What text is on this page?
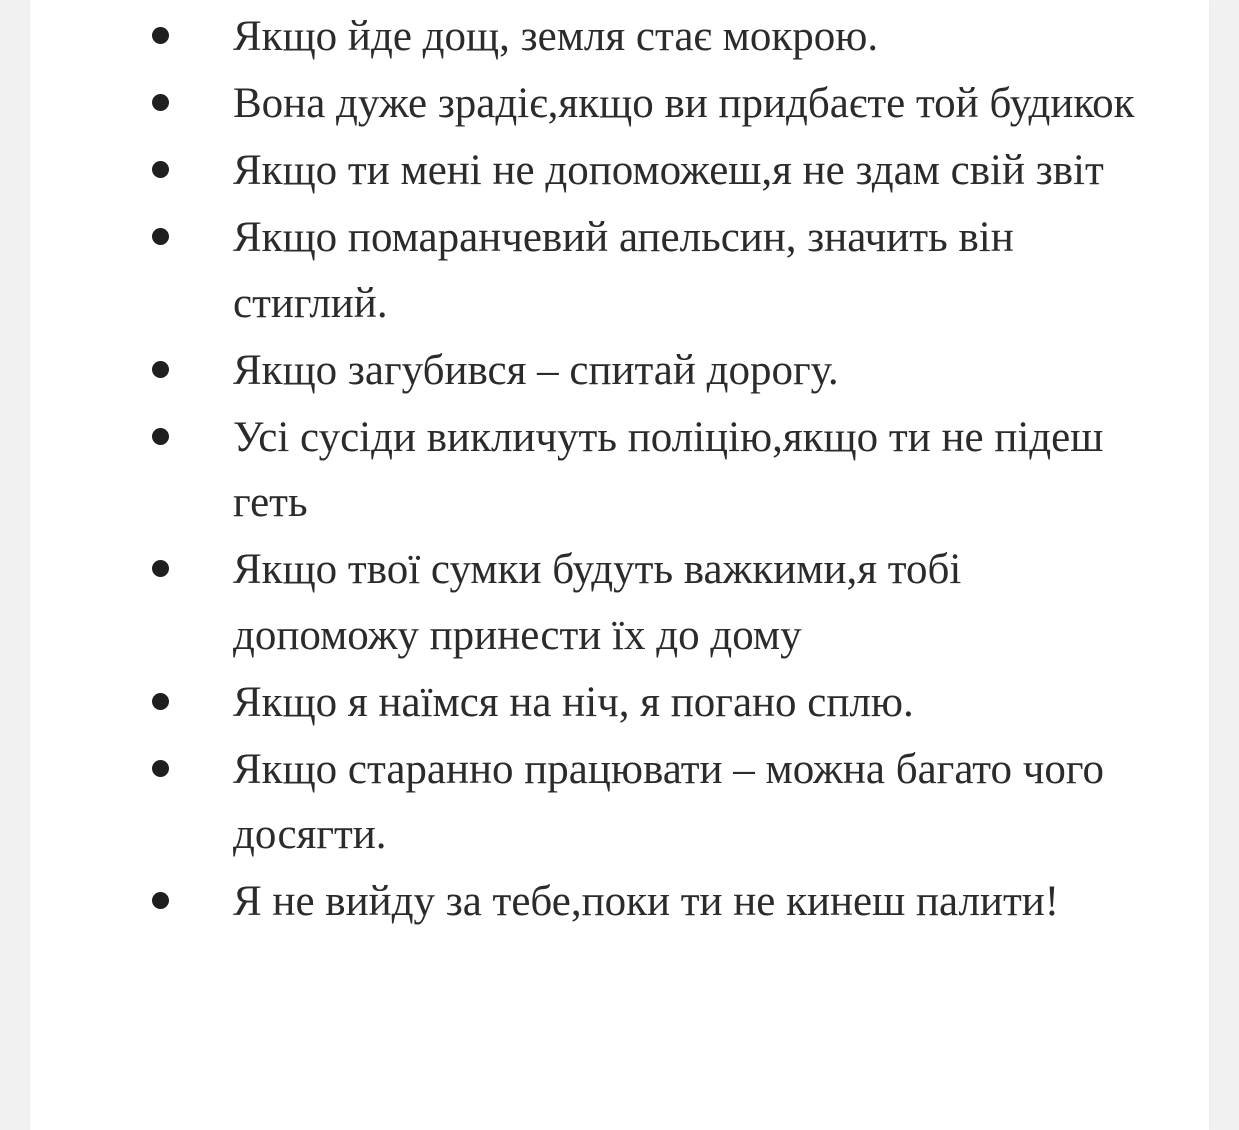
Якщо йде дощ, земля стає мокрою.
Вона дуже зрадіє,якщо ви придбаєте той будикок
Якщо ти мені не допоможеш,я не здам свій звіт
Якщо помаранчевий апельсин, значить він стиглий.
Якщо загубився – спитай дорогу.
Усі сусіди викличуть поліцію,якщо ти не підеш геть
Якщо твої сумки будуть важкими,я тобі допоможу принести їх до дому
Якщо я наїмся на ніч, я погано сплю.
Якщо старанно працювати – можна багато чого досягти.
Я не вийду за тебе,поки ти не кинеш палити!
